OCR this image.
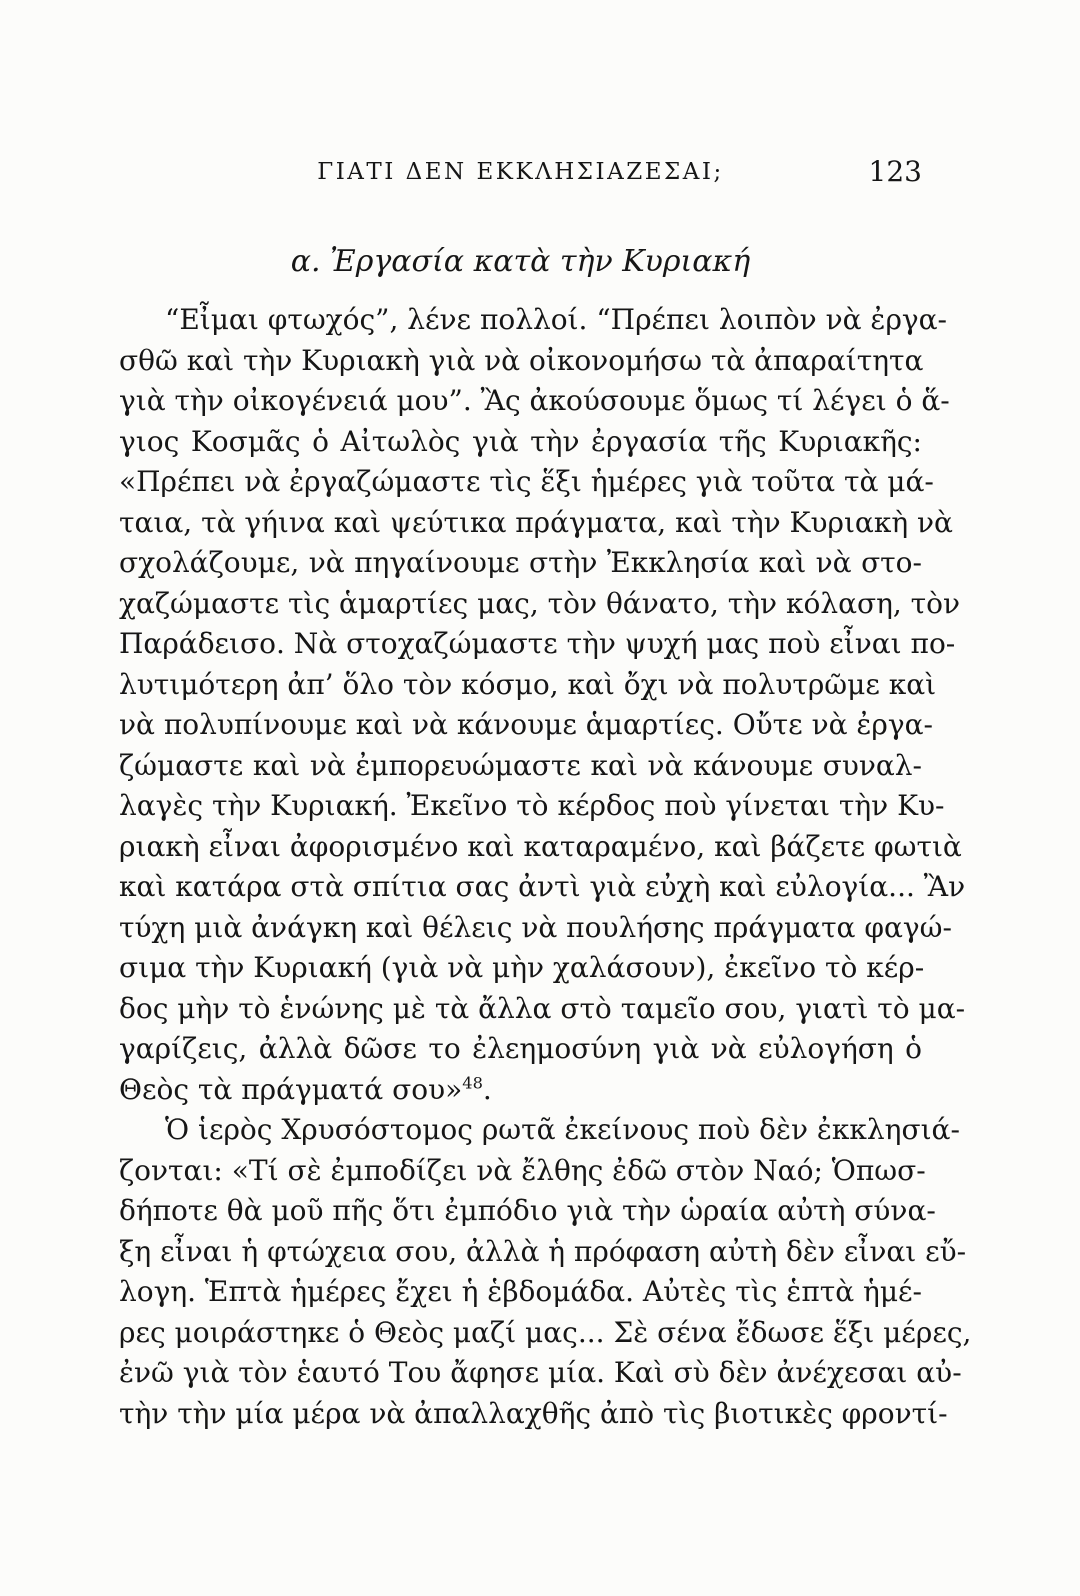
ΓΙΑΤΙ ΔΕΝ ΕΚΚΛΗΣΙΑΖΕΣΑΙ;	123
α. Ἐργασία κατὰ τὴν Κυριακή
“Εἶμαι φτωχός”, λένε πολλοί. “Πρέπει λοιπὸν νὰ ἐργα-
σθῶ καὶ τὴν Κυριακὴ γιὰ νὰ οἰκονομήσω τὰ ἀπαραίτητα
γιὰ τὴν οἰκογένειά μου”. Ἂς ἀκούσουμε ὅμως τί λέγει ὁ ἅ-
γιος Κοσμᾶς ὁ Αἰτωλὸς γιὰ τὴν ἐργασία τῆς Κυριακῆς:
«Πρέπει νὰ ἐργαζώμαστε τὶς ἕξι ἡμέρες γιὰ τοῦτα τὰ μά-
ταια, τὰ γήινα καὶ ψεύτικα πράγματα, καὶ τὴν Κυριακὴ νὰ
σχολάζουμε, νὰ πηγαίνουμε στὴν Ἐκκλησία καὶ νὰ στο-
χαζώμαστε τὶς ἁμαρτίες μας, τὸν θάνατο, τὴν κόλαση, τὸν
Παράδεισο. Νὰ στοχαζώμαστε τὴν ψυχή μας ποὺ εἶναι πο-
λυτιμότερη ἀπ’ ὅλο τὸν κόσμο, καὶ ὄχι νὰ πολυτρῶμε καὶ
νὰ πολυπίνουμε καὶ νὰ κάνουμε ἁμαρτίες. Οὔτε νὰ ἐργα-
ζώμαστε καὶ νὰ ἐμπορευώμαστε καὶ νὰ κάνουμε συναλ-
λαγὲς τὴν Κυριακή. Ἐκεῖνο τὸ κέρδος ποὺ γίνεται τὴν Κυ-
ριακὴ εἶναι ἀφορισμένο καὶ καταραμένο, καὶ βάζετε φωτιὰ
καὶ κατάρα στὰ σπίτια σας ἀντὶ γιὰ εὐχὴ καὶ εὐλογία... Ἂν
τύχη μιὰ ἀνάγκη καὶ θέλεις νὰ πουλήσης πράγματα φαγώ-
σιμα τὴν Κυριακή (γιὰ νὰ μὴν χαλάσουν), ἐκεῖνο τὸ κέρ-
δος μὴν τὸ ἑνώνης μὲ τὰ ἄλλα στὸ ταμεῖο σου, γιατὶ τὸ μα-
γαρίζεις, ἀλλὰ δῶσε το ἐλεημοσύνη γιὰ νὰ εὐλογήση ὁ
Θεὸς τὰ πράγματά σου»$^{48}$.
Ὁ ἱερὸς Χρυσόστομος ρωτᾶ ἐκείνους ποὺ δὲν ἐκκλησιά-
ζονται: «Τί σὲ ἐμποδίζει νὰ ἔλθης ἐδῶ στὸν Ναό; Ὁπωσ-
δήποτε θὰ μοῦ πῆς ὅτι ἐμπόδιο γιὰ τὴν ὡραία αὐτὴ σύνα-
ξη εἶναι ἡ φτώχεια σου, ἀλλὰ ἡ πρόφαση αὐτὴ δὲν εἶναι εὔ-
λογη. Ἑπτὰ ἡμέρες ἔχει ἡ ἑβδομάδα. Αὐτὲς τὶς ἑπτὰ ἡμέ-
ρες μοιράστηκε ὁ Θεὸς μαζί μας... Σὲ σένα ἔδωσε ἕξι μέρες,
ἐνῶ γιὰ τὸν ἑαυτό Του ἄφησε μία. Καὶ σὺ δὲν ἀνέχεσαι αὐ-
τὴν τὴν μία μέρα νὰ ἀπαλλαχθῆς ἀπὸ τὶς βιοτικὲς φροντί-
